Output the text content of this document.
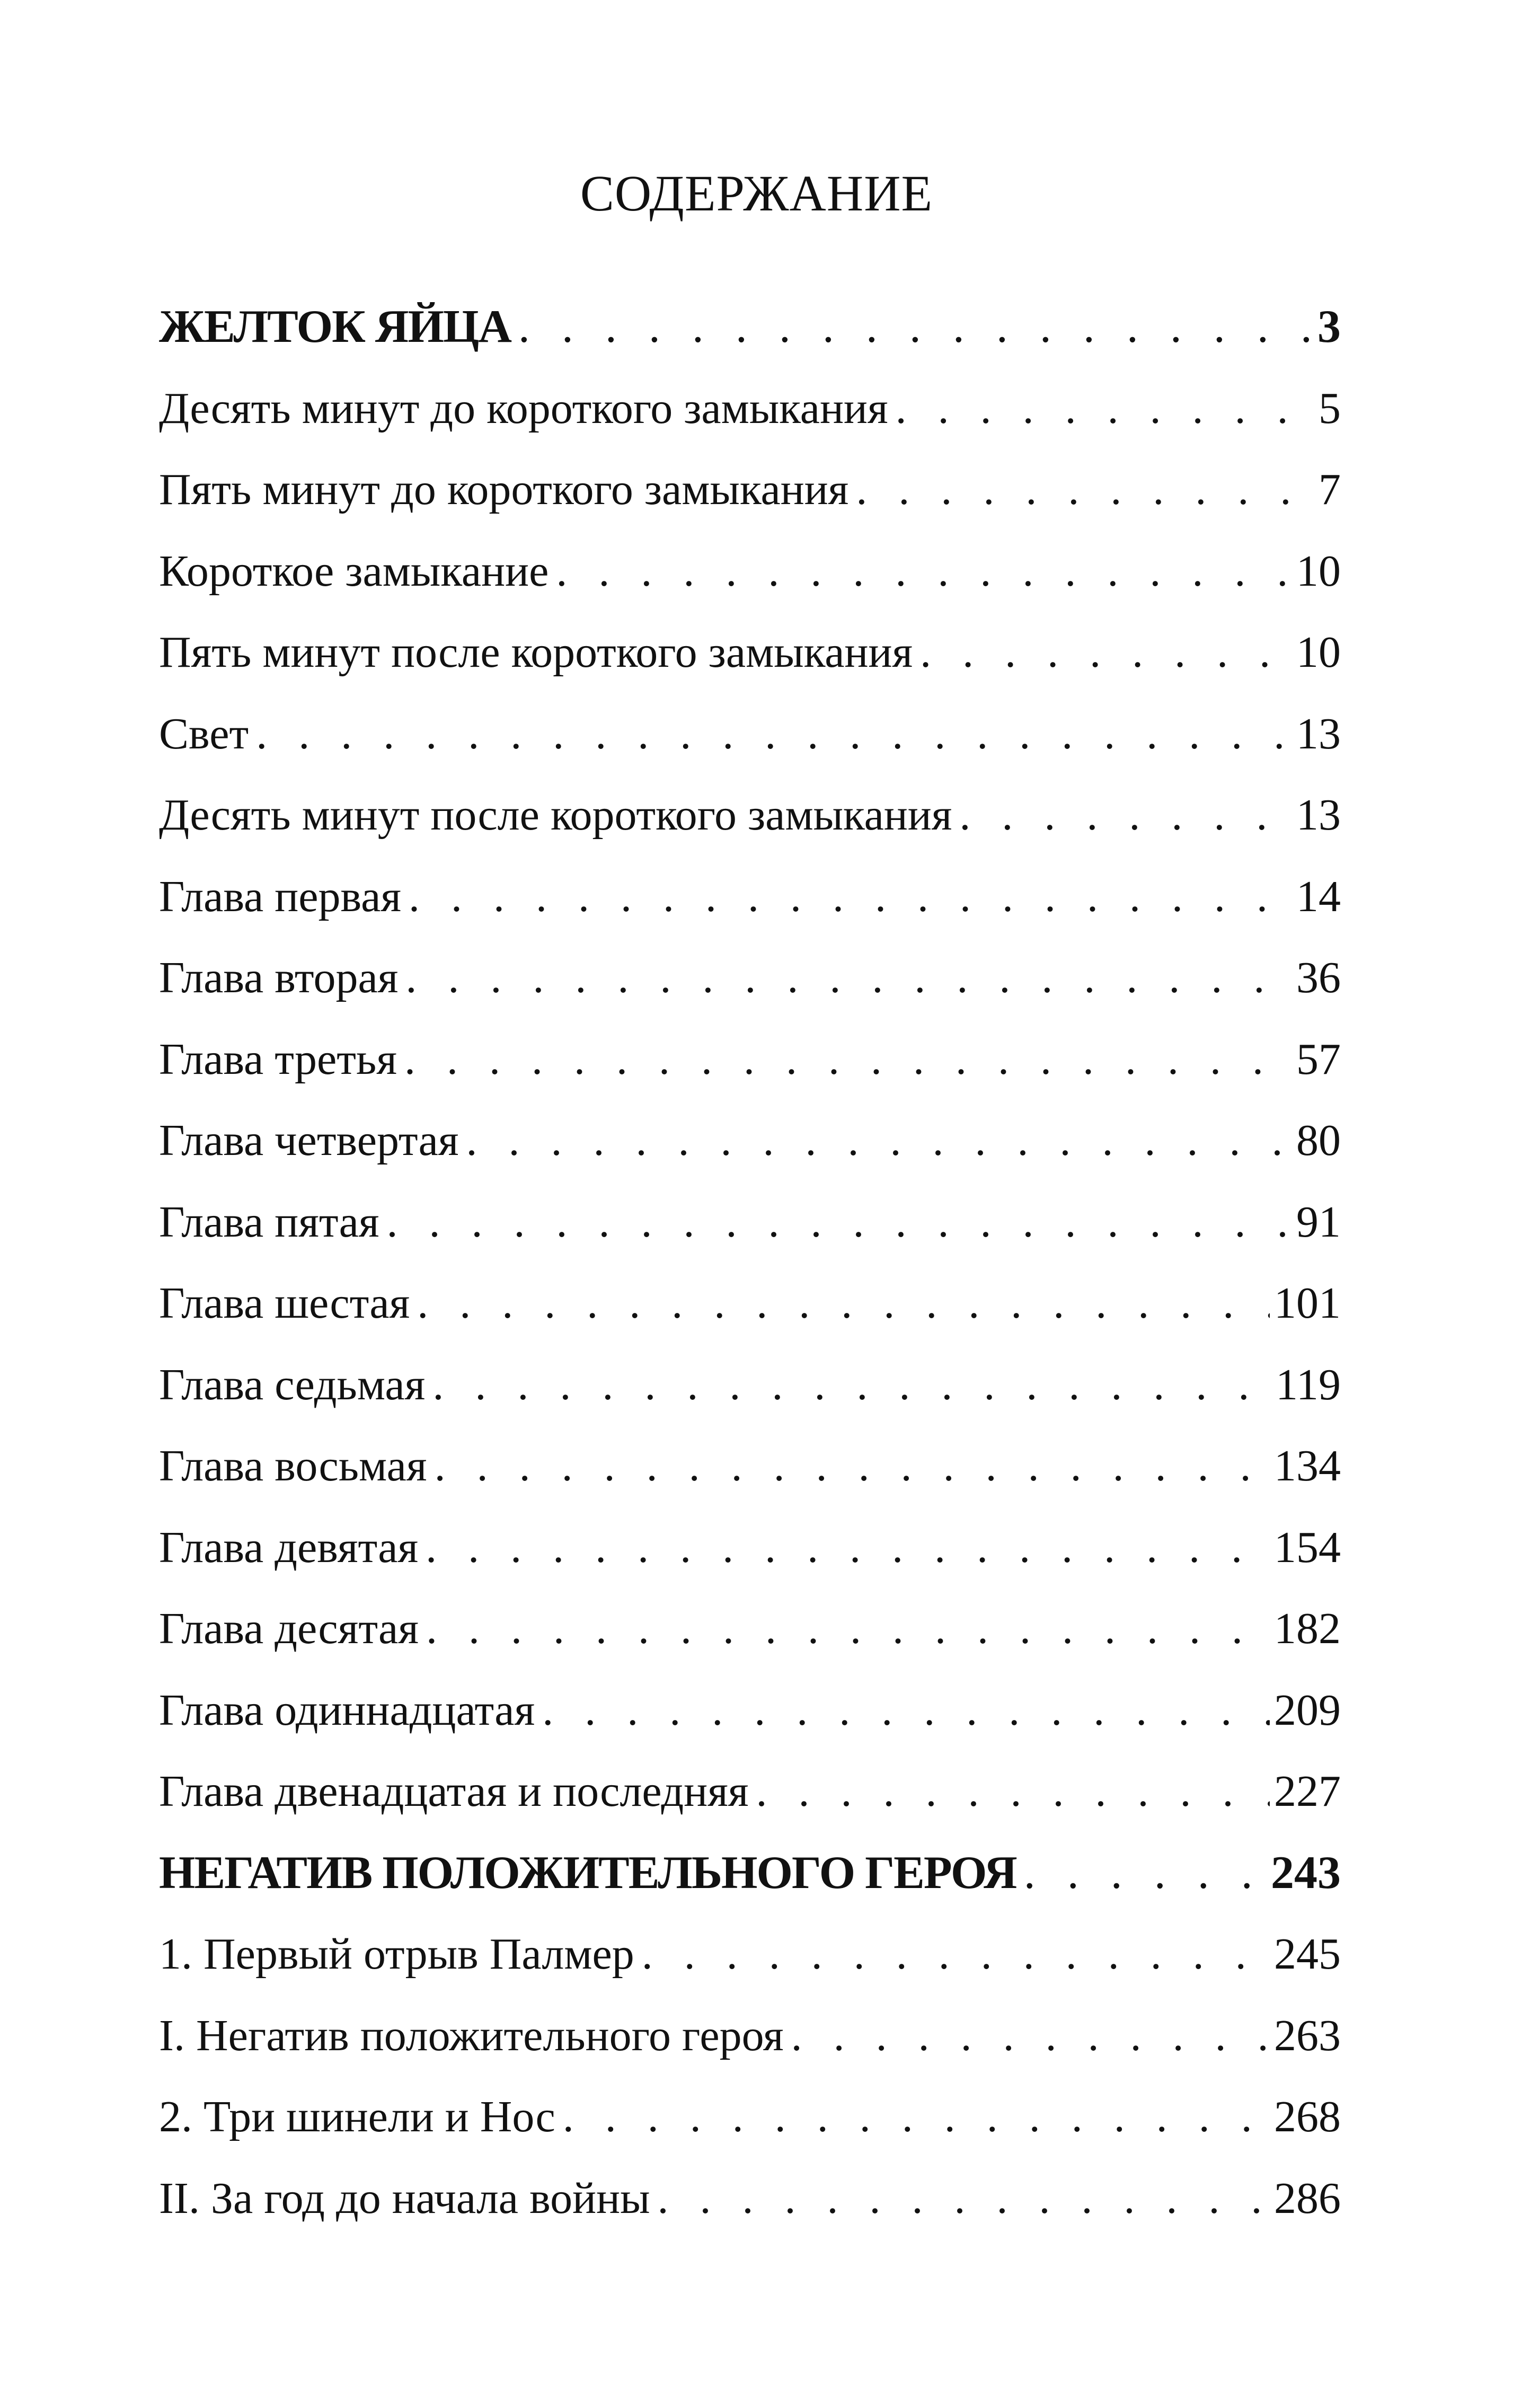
СОДЕРЖАНИЕ
ЖЕЛТОК ЯЙЦА . . .	3
Десять минут до короткого замыкания . . .	5
Пять минут до короткого замыкания . . .	7
Короткое замыкание . . .	10
Пять минут после короткого замыкания . . .	10
Свет . . .	13
Десять минут после короткого замыкания . . .	13
Глава первая . . .	14
Глава вторая . . .	36
Глава третья . . .	57
Глава четвертая . . .	80
Глава пятая . . .	91
Глава шестая . . .	101
Глава седьмая . . .	119
Глава восьмая . . .	134
Глава девятая . . .	154
Глава десятая . . .	182
Глава одиннадцатая . . .	209
Глава двенадцатая и последняя . . .	227
НЕГАТИВ ПОЛОЖИТЕЛЬНОГО ГЕРОЯ . . .	243
1. Первый отрыв Палмер . . .	245
I. Негатив положительного героя . . .	263
2. Три шинели и Нос . . .	268
II. За год до начала войны . . .	286
